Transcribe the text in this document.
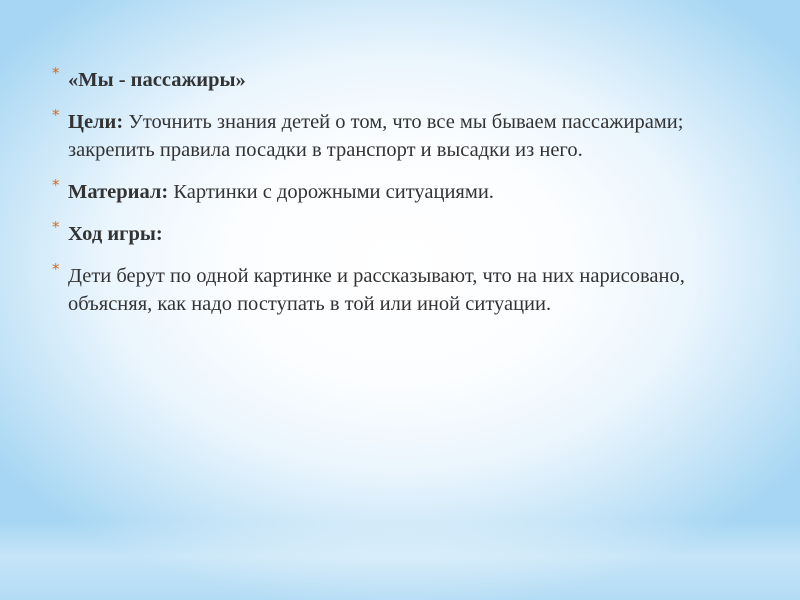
* «Мы - пассажиры»
* Цели: Уточнить знания детей о том, что все мы бываем пассажирами; закрепить правила посадки в транспорт и высадки из него.
* Материал: Картинки с дорожными ситуациями.
* Ход игры:
* Дети берут по одной картинке и рассказывают, что на них нарисовано, объясняя, как надо поступать в той или иной ситуации.
